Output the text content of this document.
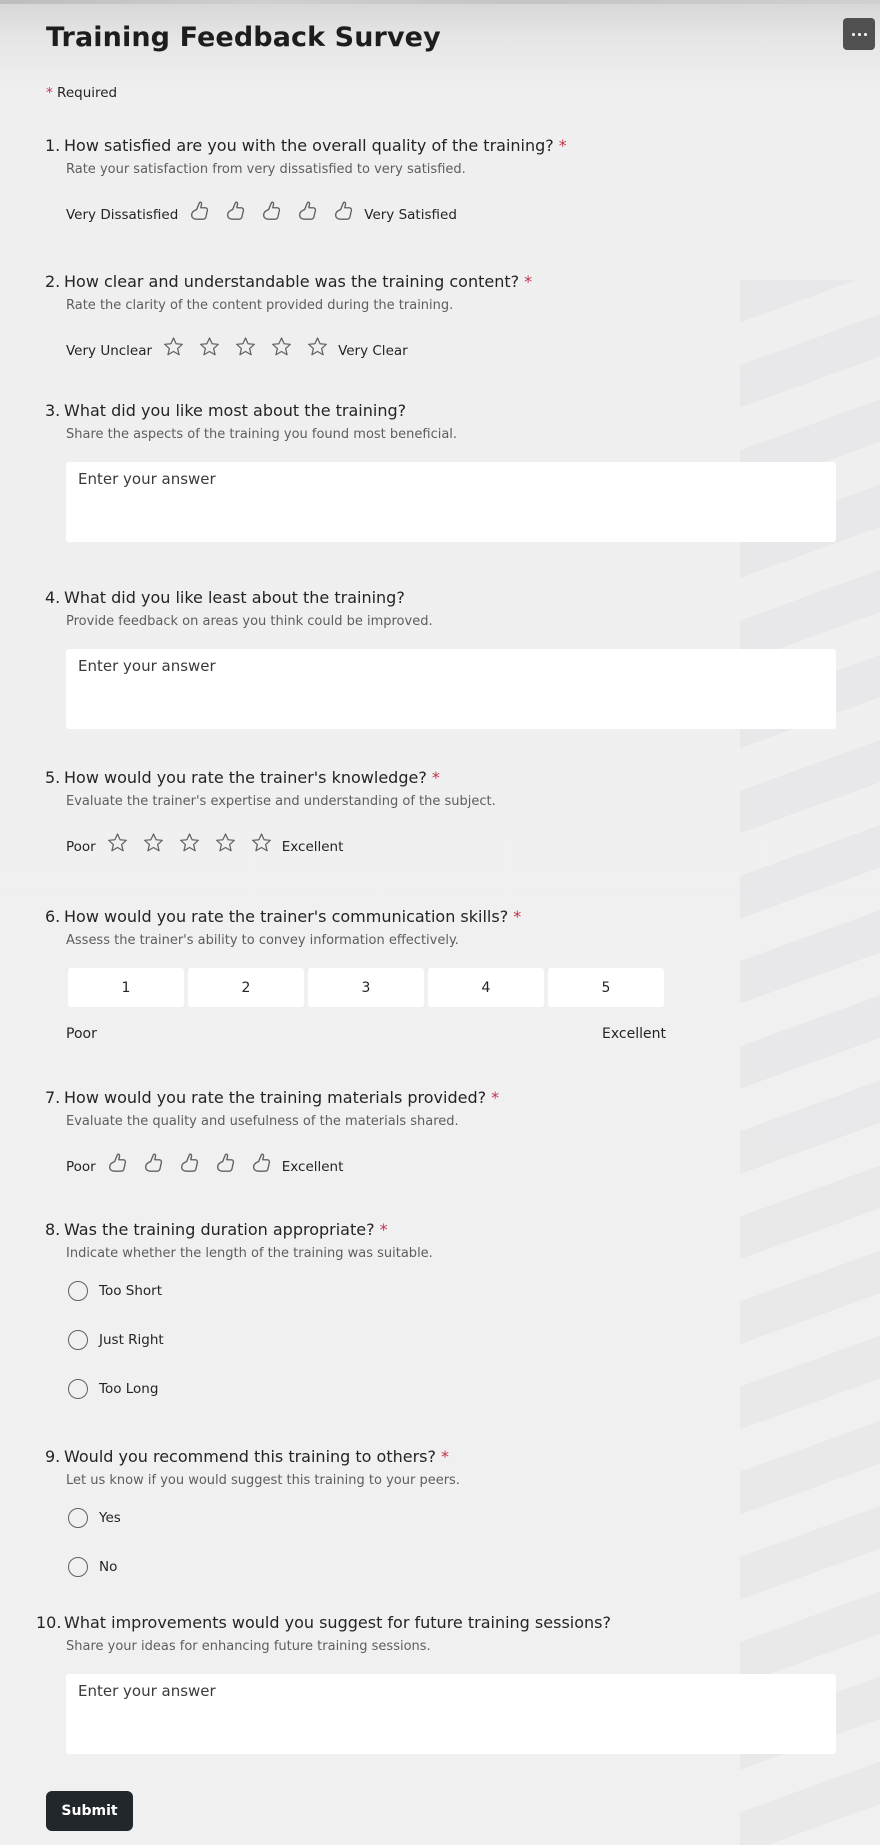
Training Feedback Survey
* Required
1. How satisfied are you with the overall quality of the training? *
Rate your satisfaction from very dissatisfied to very satisfied.
Very Dissatisfied	Very Satisfied
2. How clear and understandable was the training content? *
Rate the clarity of the content provided during the training.
Very Unclear	Very Clear
3. What did you like most about the training?
Share the aspects of the training you found most beneficial.
Enter your answer
4. What did you like least about the training?
Provide feedback on areas you think could be improved.
Enter your answer
5. How would you rate the trainer's knowledge? *
Evaluate the trainer's expertise and understanding of the subject.
Poor	Excellent
6. How would you rate the trainer's communication skills? *
Assess the trainer's ability to convey information effectively.
1	2	3	4	5
Poor	Excellent
7. How would you rate the training materials provided? *
Evaluate the quality and usefulness of the materials shared.
Poor	Excellent
8. Was the training duration appropriate? *
Indicate whether the length of the training was suitable.
Too Short
Just Right
Too Long
9. Would you recommend this training to others? *
Let us know if you would suggest this training to your peers.
Yes
No
10. What improvements would you suggest for future training sessions?
Share your ideas for enhancing future training sessions.
Enter your answer
Submit
